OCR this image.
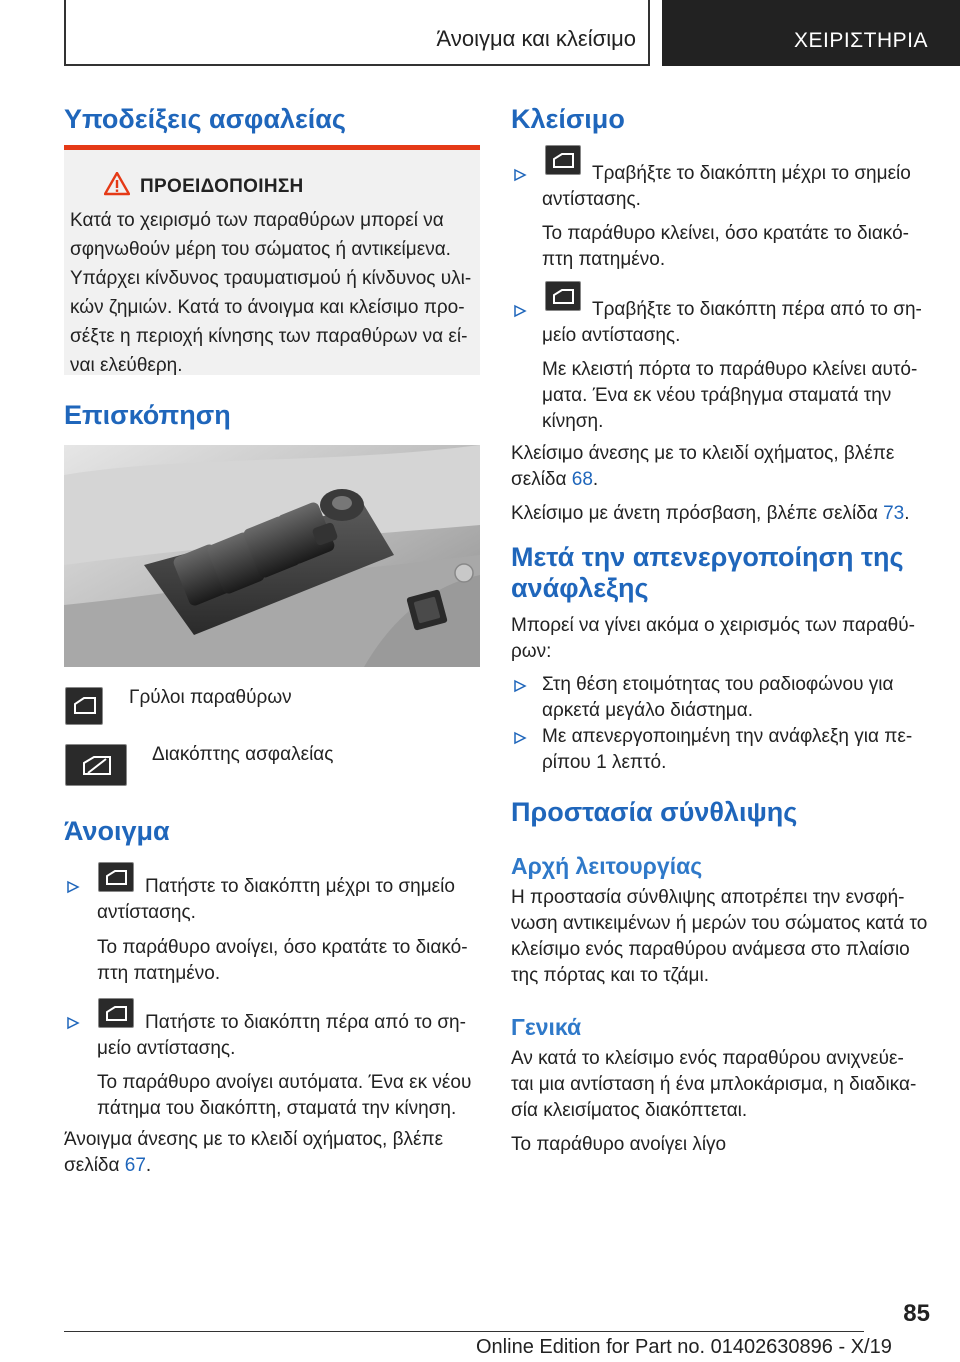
Άνοιγμα και κλείσιμο	ΧΕΙΡΙΣΤΗΡΙΑ
Υποδείξεις ασφαλείας
ΠΡΟΕΙΔΟΠΟΙΗΣΗ
Κατά το χειρισμό των παραθύρων μπορεί να
σφηνωθούν μέρη του σώματος ή αντικείμενα.
Υπάρχει κίνδυνος τραυματισμού ή κίνδυνος υλι-
κών ζημιών. Κατά το άνοιγμα και κλείσιμο προ-
σέξτε η περιοχή κίνησης των παραθύρων να εί-
ναι ελεύθερη.
Επισκόπηση
Γρύλοι παραθύρων
Διακόπτης ασφαλείας
Άνοιγμα
Πατήστε το διακόπτη μέχρι το σημείο
αντίστασης.
Το παράθυρο ανοίγει, όσο κρατάτε το διακό-
πτη πατημένο.
Πατήστε το διακόπτη πέρα από το ση-
μείο αντίστασης.
Το παράθυρο ανοίγει αυτόματα. Ένα εκ νέου
πάτημα του διακόπτη, σταματά την κίνηση.
Άνοιγμα άνεσης με το κλειδί οχήματος, βλέπε
σελίδα 67.
Κλείσιμο
Τραβήξτε το διακόπτη μέχρι το σημείο
αντίστασης.
Το παράθυρο κλείνει, όσο κρατάτε το διακό-
πτη πατημένο.
Τραβήξτε το διακόπτη πέρα από το ση-
μείο αντίστασης.
Με κλειστή πόρτα το παράθυρο κλείνει αυτό-
ματα. Ένα εκ νέου τράβηγμα σταματά την
κίνηση.
Κλείσιμο άνεσης με το κλειδί οχήματος, βλέπε
σελίδα 68.
Κλείσιμο με άνετη πρόσβαση, βλέπε σελίδα 73.
Μετά την απενεργοποίηση της
ανάφλεξης
Μπορεί να γίνει ακόμα ο χειρισμός των παραθύ-
ρων:
Στη θέση ετοιμότητας του ραδιοφώνου για
αρκετά μεγάλο διάστημα.
Με απενεργοποιημένη την ανάφλεξη για πε-
ρίπου 1 λεπτό.
Προστασία σύνθλιψης
Αρχή λειτουργίας
Η προστασία σύνθλιψης αποτρέπει την ενσφή-
νωση αντικειμένων ή μερών του σώματος κατά το
κλείσιμο ενός παραθύρου ανάμεσα στο πλαίσιο
της πόρτας και το τζάμι.
Γενικά
Αν κατά το κλείσιμο ενός παραθύρου ανιχνεύε-
ται μια αντίσταση ή ένα μπλοκάρισμα, η διαδικα-
σία κλεισίματος διακόπτεται.
Το παράθυρο ανοίγει λίγο
85
Online Edition for Part no. 01402630896 - X/19
